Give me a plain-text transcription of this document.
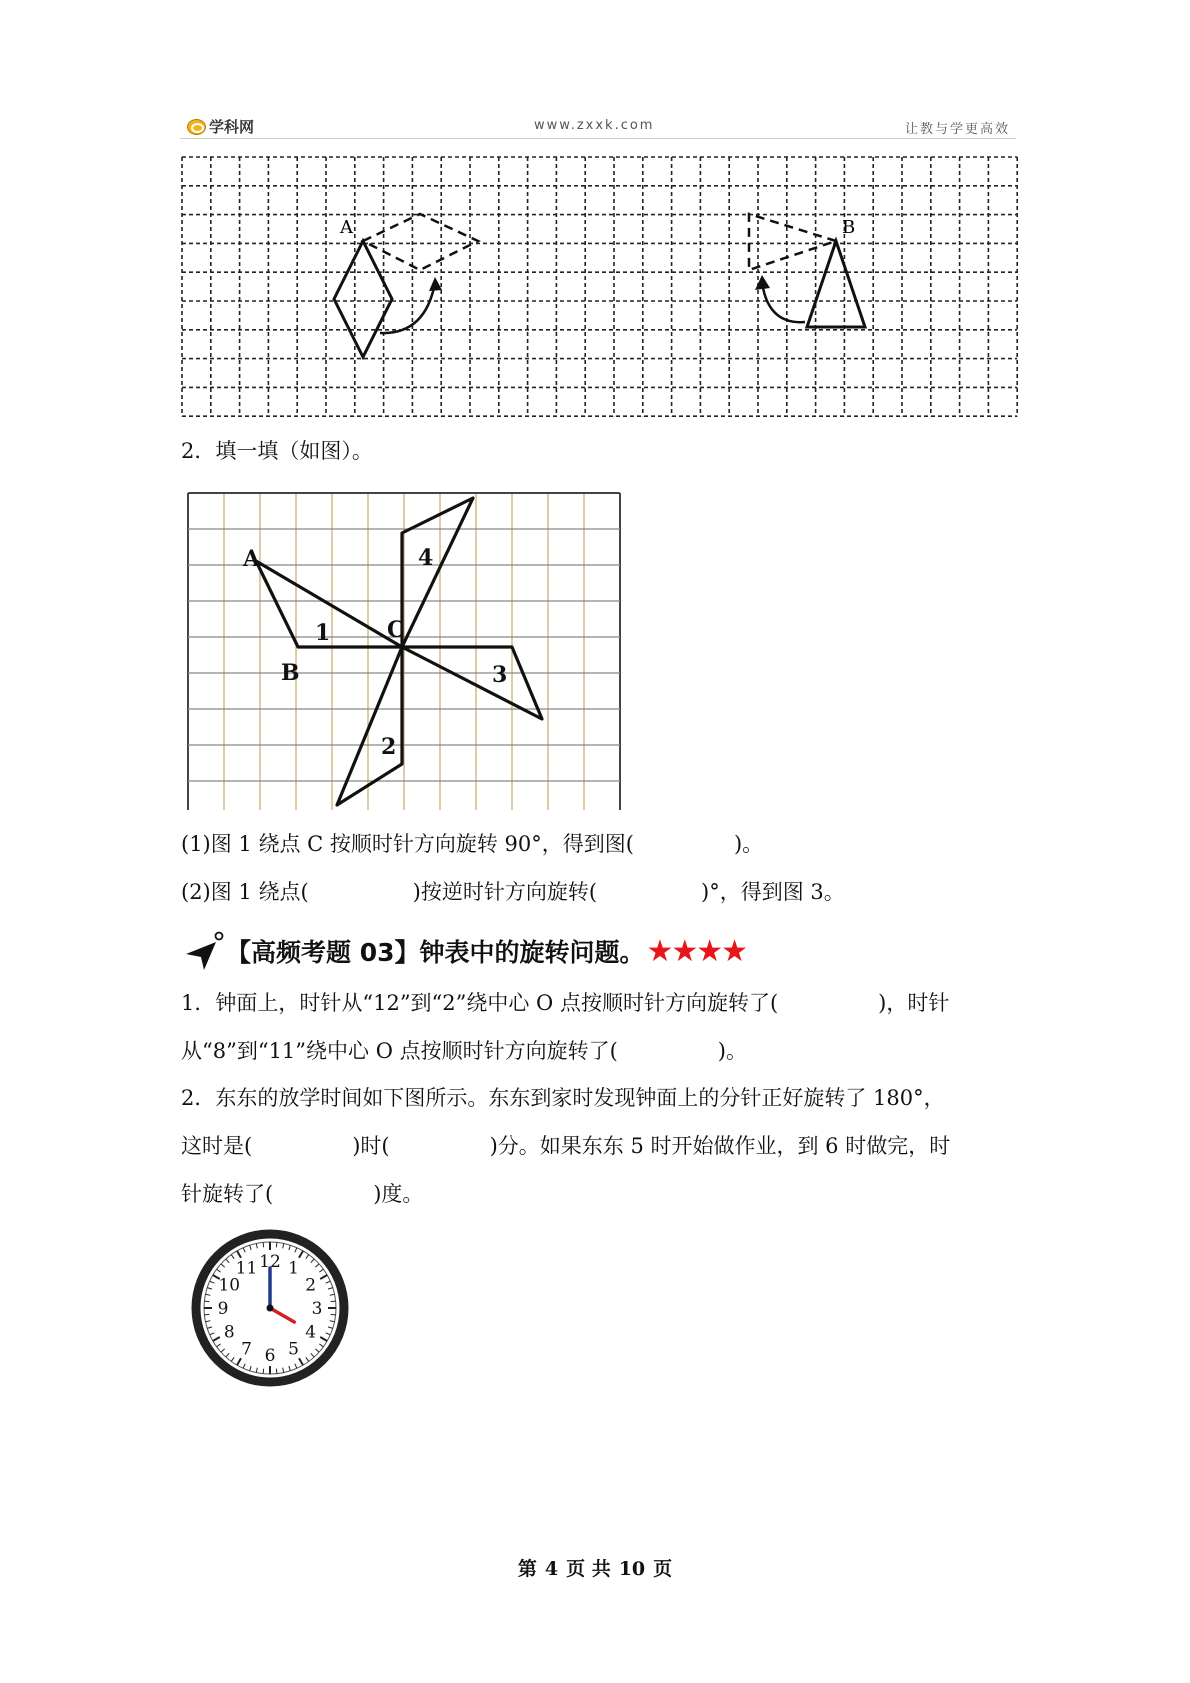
学科网	www.zxxk.com	让教与学更高效
A	B
2．填一填（如图）。
A
B
C
1
2
3
4
(1)图 1 绕点 C 按顺时针方向旋转 90°，得到图(	)。
(2)图 1 绕点(	)按逆时针方向旋转(	)°，得到图 3。
【高频考题 03】钟表中的旋转问题。 ★★★★
1．钟面上，时针从“12”到“2”绕中心 O 点按顺时针方向旋转了(	)，时针
从“8”到“11”绕中心 O 点按顺时针方向旋转了(	)。
2．东东的放学时间如下图所示。东东到家时发现钟面上的分针正好旋转了 180°，
这时是(	)时(	)分。如果东东 5 时开始做作业，到 6 时做完，时
针旋转了(	)度。
12 1
2
3
4
5
6
7
8
9
10
11
第 4 页 共 10 页
